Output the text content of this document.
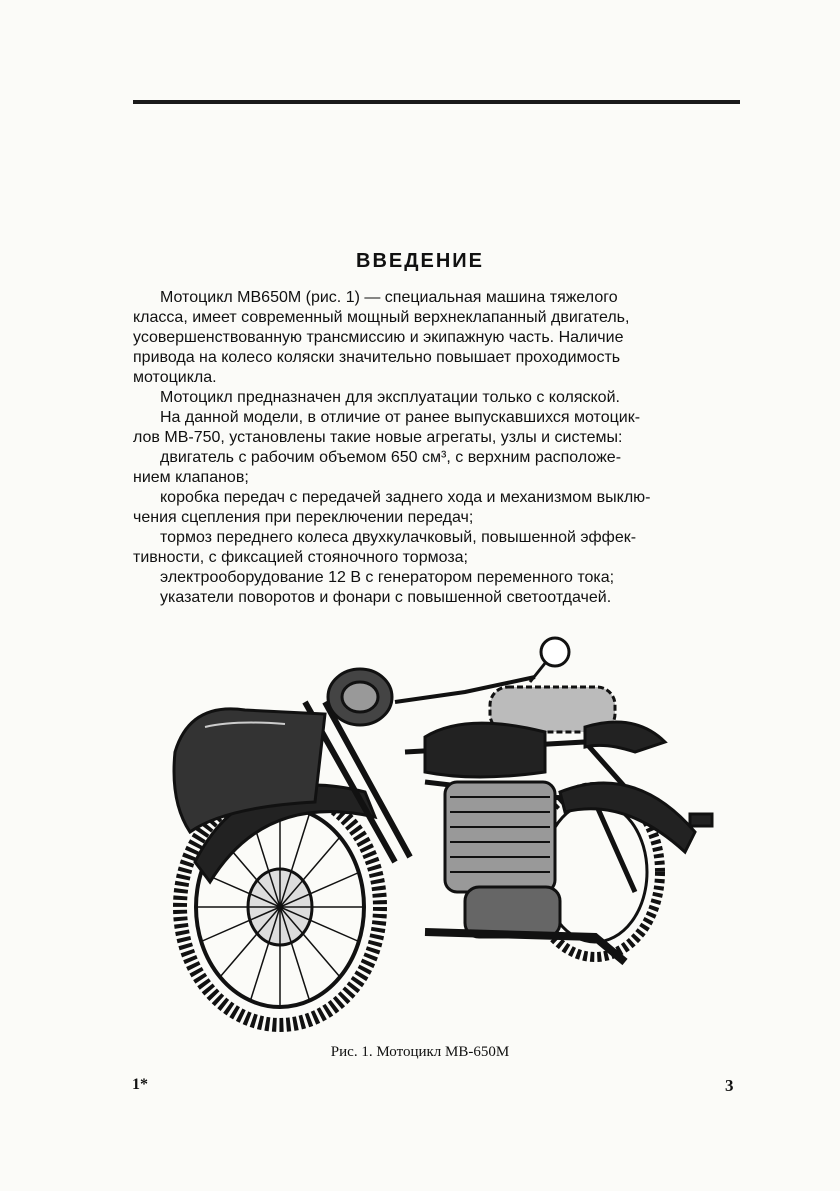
ВВЕДЕНИЕ
Мотоцикл МВ650М (рис. 1) — специальная машина тяжелого
класса, имеет современный мощный верхнеклапанный двигатель,
усовершенствованную трансмиссию и экипажную часть. Наличие
привода на колесо коляски значительно повышает проходимость
мотоцикла.
Мотоцикл предназначен для эксплуатации только с коляской.
На данной модели, в отличие от ранее выпускавшихся мотоцик-
лов МВ-750, установлены такие новые агрегаты, узлы и системы:
двигатель с рабочим объемом 650 см³, с верхним расположе-
нием клапанов;
коробка передач с передачей заднего хода и механизмом выклю-
чения сцепления при переключении передач;
тормоз переднего колеса двухкулачковый, повышенной эффек-
тивности, с фиксацией стояночного тормоза;
электрооборудование 12 В с генератором переменного тока;
указатели поворотов и фонари с повышенной светоотдачей.
Рис. 1. Мотоцикл МВ-650М
1*	3
